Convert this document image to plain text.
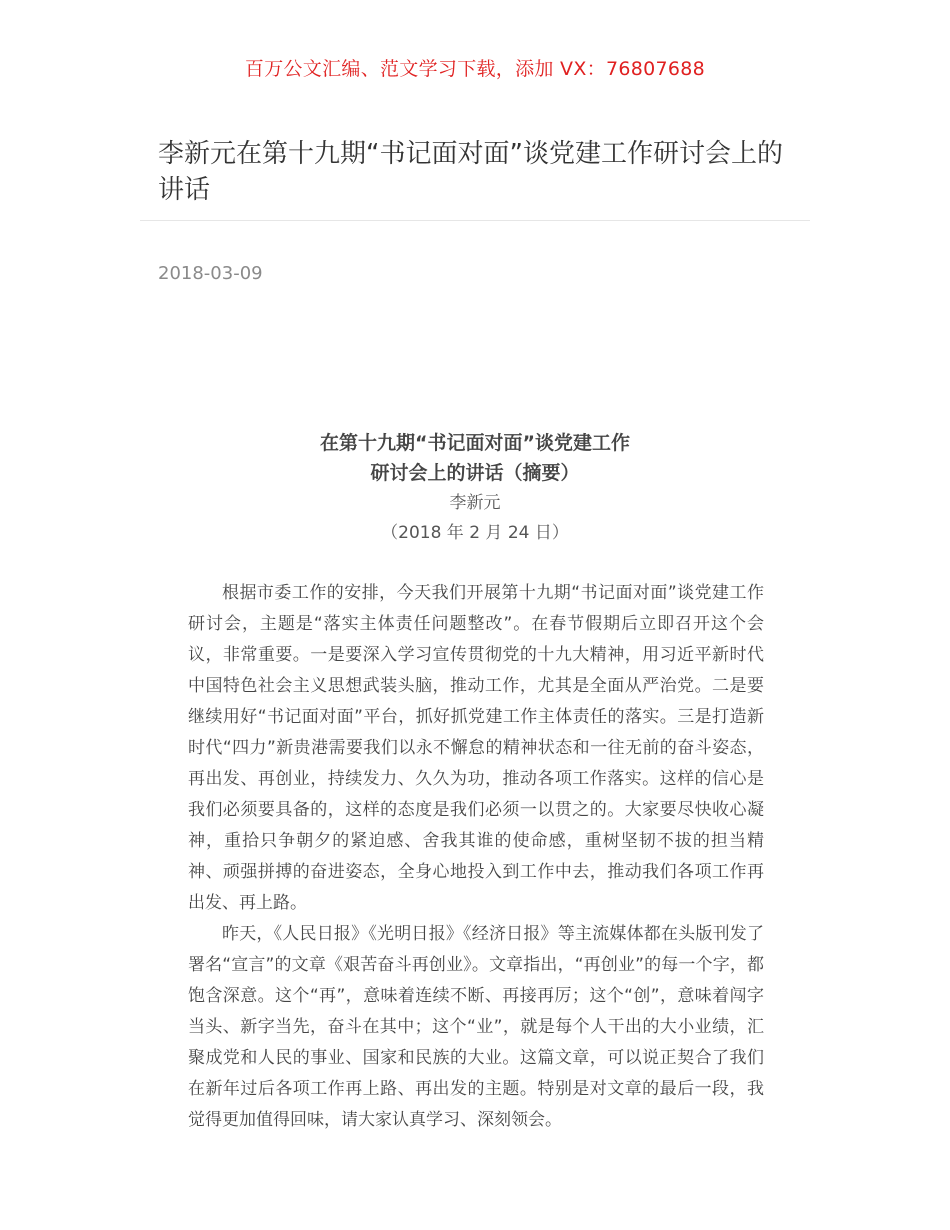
百万公文汇编、范文学习下载，添加 VX：76807688
李新元在第十九期“书记面对面”谈党建工作研讨会上的讲话
2018-03-09
在第十九期“书记面对面”谈党建工作
研讨会上的讲话（摘要）
李新元
（2018 年 2 月 24 日）

根据市委工作的安排，今天我们开展第十九期“书记面对面”谈党建工作研讨会，主题是“落实主体责任问题整改”。在春节假期后立即召开这个会议，非常重要。一是要深入学习宣传贯彻党的十九大精神，用习近平新时代中国特色社会主义思想武装头脑，推动工作，尤其是全面从严治党。二是要继续用好“书记面对面”平台，抓好抓党建工作主体责任的落实。三是打造新时代“四力”新贵港需要我们以永不懈怠的精神状态和一往无前的奋斗姿态，再出发、再创业，持续发力、久久为功，推动各项工作落实。这样的信心是我们必须要具备的，这样的态度是我们必须一以贯之的。大家要尽快收心凝神，重拾只争朝夕的紧迫感、舍我其谁的使命感，重树坚韧不拔的担当精神、顽强拼搏的奋进姿态，全身心地投入到工作中去，推动我们各项工作再出发、再上路。

昨天，《人民日报》《光明日报》《经济日报》等主流媒体都在头版刊发了署名“宣言”的文章《艰苦奋斗再创业》。文章指出，“再创业”的每一个字，都饱含深意。这个“再”，意味着连续不断、再接再厉；这个“创”，意味着闯字当头、新字当先，奋斗在其中；这个“业”，就是每个人干出的大小业绩，汇聚成党和人民的事业、国家和民族的大业。这篇文章，可以说正契合了我们在新年过后各项工作再上路、再出发的主题。特别是对文章的最后一段，我觉得更加值得回味，请大家认真学习、深刻领会。
